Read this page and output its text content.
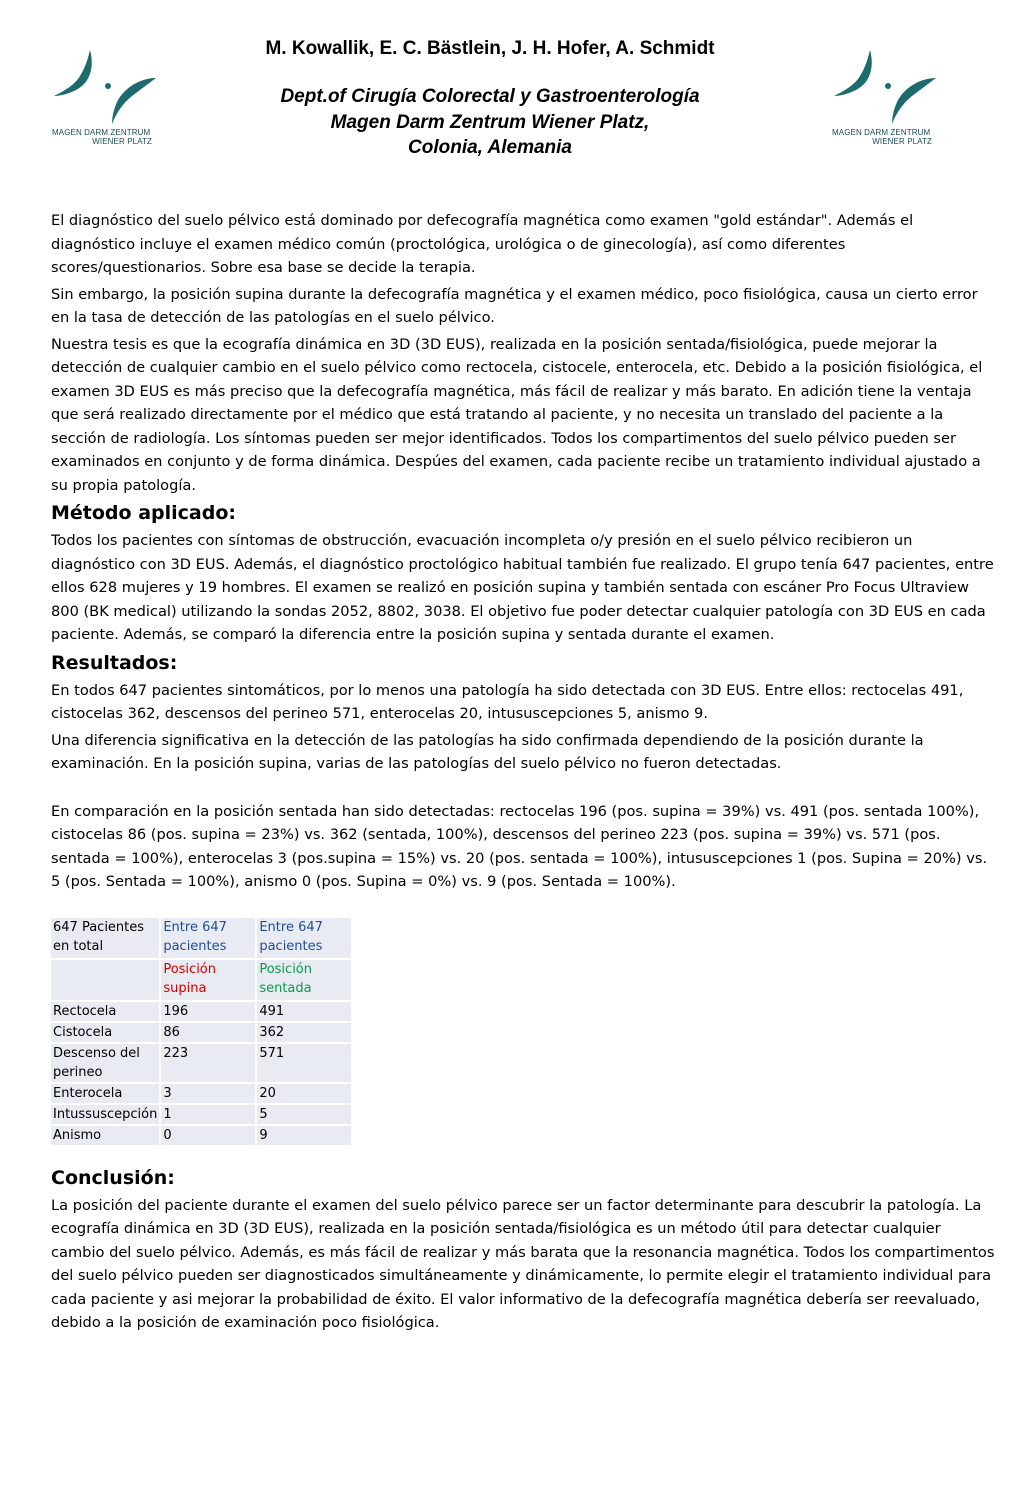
MAGEN DARM ZENTRUM
WIENER PLATZ
MAGEN DARM ZENTRUM
WIENER PLATZ
M. Kowallik, E. C. Bästlein, J. H. Hofer, A. Schmidt
Dept.of Cirugía Colorectal y Gastroenterología
Magen Darm Zentrum Wiener Platz,
Colonia, Alemania

El diagnóstico del suelo pélvico está dominado por defecografía magnética como examen "gold estándar". Además el diagnóstico incluye el examen médico común (proctológica, urológica o de ginecología), así como diferentes scores/questionarios. Sobre esa base se decide la terapia.

Sin embargo, la posición supina durante la defecografía magnética y el examen médico, poco fisiológica, causa un cierto error en la tasa de detección de las patologías en el suelo pélvico.

Nuestra tesis es que la ecografía dinámica en 3D (3D EUS), realizada en la posición sentada/fisiológica, puede mejorar la detección de cualquier cambio en el suelo pélvico como rectocela, cistocele, enterocela, etc. Debido a la posición fisiológica, el examen 3D EUS es más preciso que la defecografía magnética, más fácil de realizar y más barato. En adición tiene la ventaja que será realizado directamente por el médico que está tratando al paciente, y no necesita un translado del paciente a la sección de radiología. Los síntomas pueden ser mejor identificados. Todos los compartimentos del suelo pélvico pueden ser examinados en conjunto y de forma dinámica. Despúes del examen, cada paciente recibe un tratamiento individual ajustado a su propia patología.

Método aplicado:

Todos los pacientes con síntomas de obstrucción, evacuación incompleta o/y presión en el suelo pélvico recibieron un diagnóstico con 3D EUS. Además, el diagnóstico proctológico habitual también fue realizado. El grupo tenía 647 pacientes, entre ellos 628 mujeres y 19 hombres. El examen se realizó en posición supina y también sentada con escáner Pro Focus Ultraview 800 (BK medical) utilizando la sondas 2052, 8802, 3038. El objetivo fue poder detectar cualquier patología con 3D EUS en cada paciente. Además, se comparó la diferencia entre la posición supina y sentada durante el examen.

Resultados:

En todos 647 pacientes sintomáticos, por lo menos una patología ha sido detectada con 3D EUS. Entre ellos: rectocelas 491, cistocelas 362, descensos del perineo 571, enterocelas 20, intususcepciones 5, anismo 9.

Una diferencia significativa en la detección de las patologías ha sido confirmada dependiendo de la posición durante la examinación. En la posición supina, varias de las patologías del suelo pélvico no fueron detectadas.

En comparación en la posición sentada han sido detectadas: rectocelas 196 (pos. supina = 39%) vs. 491 (pos. sentada 100%), cistocelas 86 (pos. supina = 23%) vs. 362 (sentada, 100%), descensos del perineo 223 (pos. supina = 39%) vs. 571 (pos. sentada = 100%), enterocelas 3 (pos.supina = 15%) vs. 20 (pos. sentada = 100%), intususcepciones 1 (pos. Supina = 20%) vs. 5 (pos. Sentada = 100%), anismo 0 (pos. Supina = 0%) vs. 9 (pos. Sentada = 100%).

647 Pacientes en total	Entre 647 pacientes	Entre 647 pacientes
	Posición supina	Posición sentada
Rectocela	196	491
Cistocela	86	362
Descenso del perineo	223	571
Enterocela	3	20
Intussuscepción	1	5
Anismo	0	9
Conclusión:

La posición del paciente durante el examen del suelo pélvico parece ser un factor determinante para descubrir la patología. La ecografía dinámica en 3D (3D EUS), realizada en la posición sentada/fisiológica es un método útil para detectar cualquier cambio del suelo pélvico. Además, es más fácil de realizar y más barata que la resonancia magnética. Todos los compartimentos del suelo pélvico pueden ser diagnosticados simultáneamente y dinámicamente, lo permite elegir el tratamiento individual para cada paciente y asi mejorar la probabilidad de éxito. El valor informativo de la defecografía magnética debería ser reevaluado, debido a la posición de examinación poco fisiológica.
